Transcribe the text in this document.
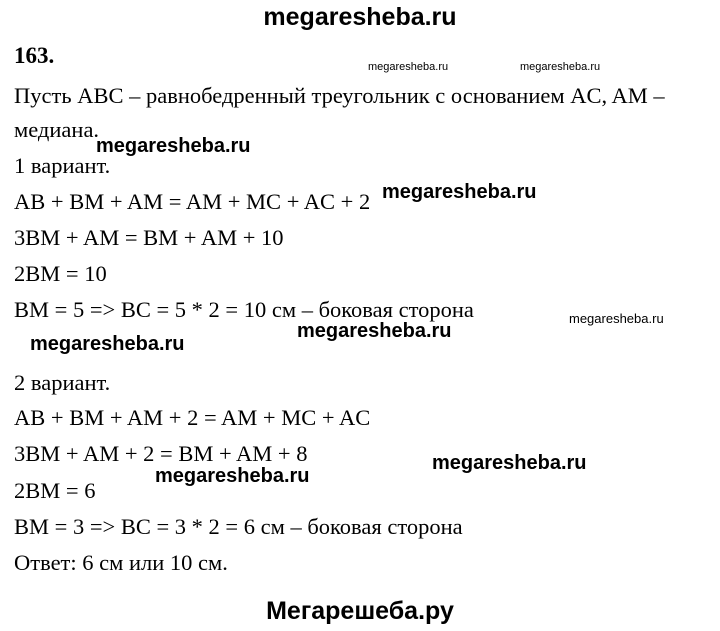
megaresheba.ru
163.	megaresheba.ru	megaresheba.ru
Пусть ABC – равнобедренный треугольник с основанием AC, AM –
медиана.
megaresheba.ru
1 вариант.
AB + BM + AM = AM + MC + AC + 2 megaresheba.ru
3BM + AM = BM + AM + 10
2BM = 10
BM = 5 => BC = 5 * 2 = 10 см – боковая сторона	megaresheba.ru
megaresheba.ru
megaresheba.ru
2 вариант.
AB + BM + AM + 2 = AM + MC + AC
3BM + AM + 2 = BM + AM + 8	megaresheba.ru
megaresheba.ru
2BM = 6
BM = 3 => BC = 3 * 2 = 6 см – боковая сторона
Ответ: 6 см или 10 см.
Мегарешеба.ру
